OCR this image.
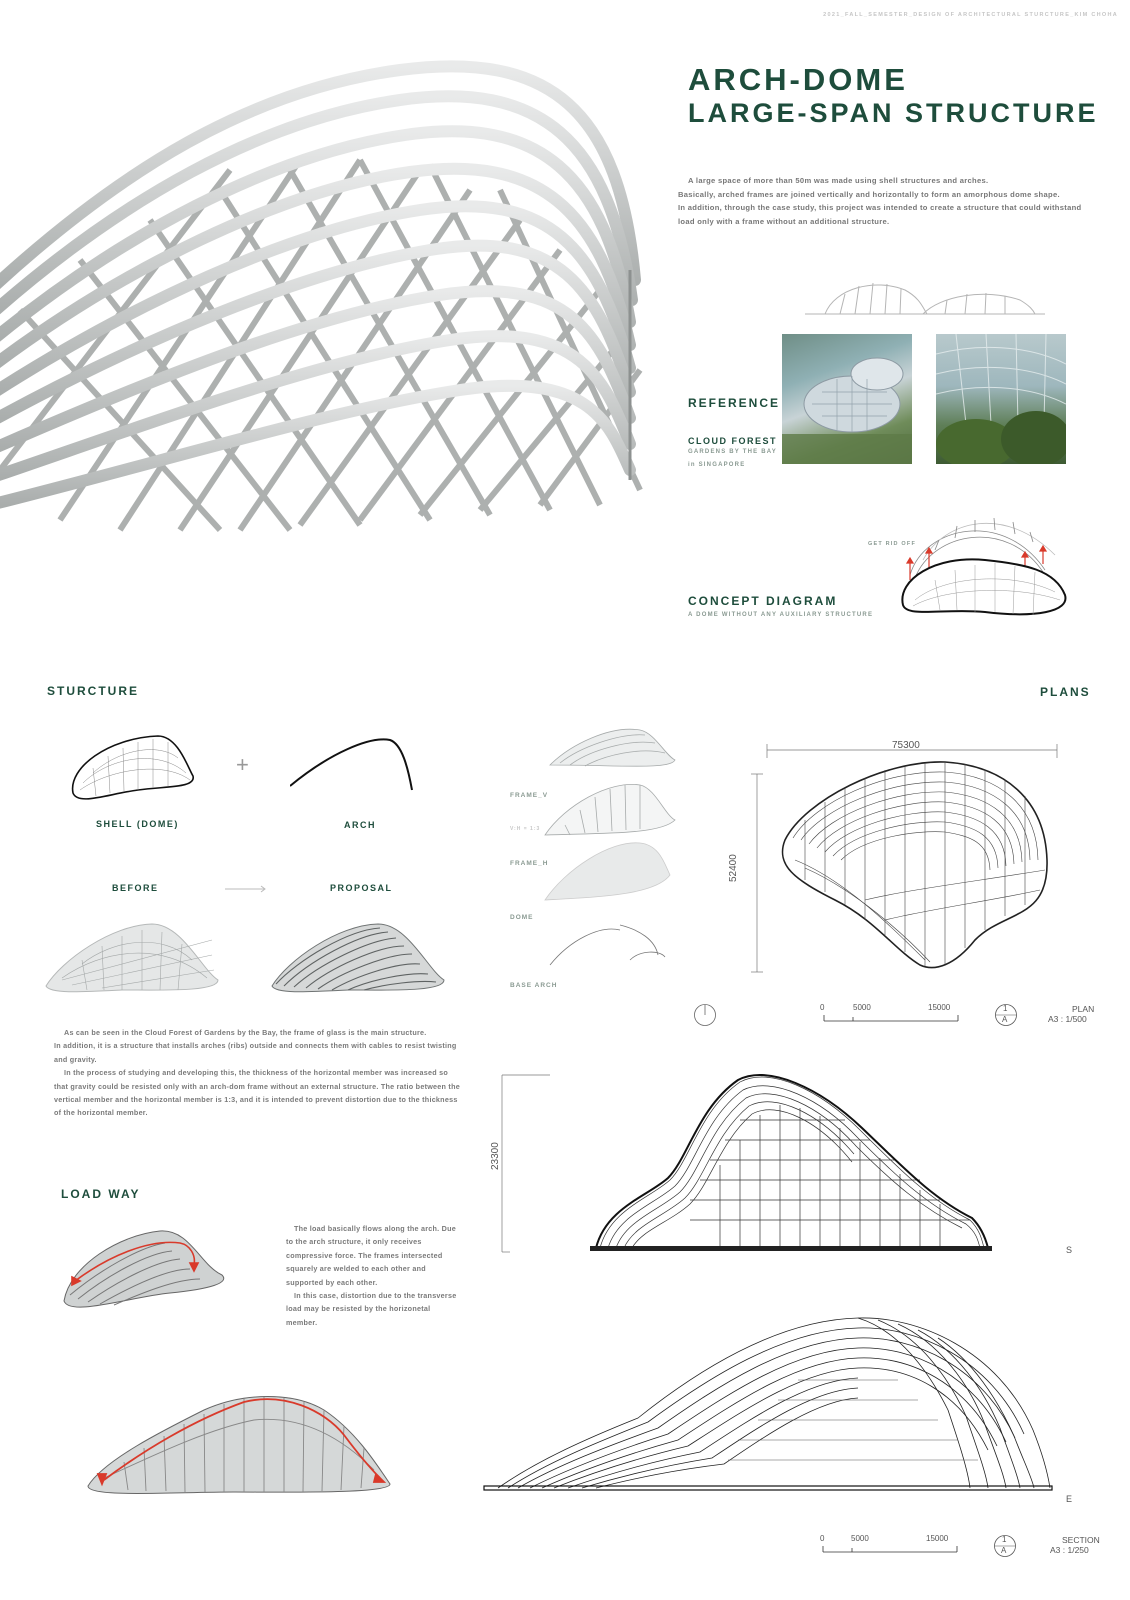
2021_FALL_SEMESTER_DESIGN OF ARCHITECTURAL STURCTURE_KIM CHOHA
ARCH-DOME
LARGE-SPAN STRUCTURE
A large space of more than 50m was made using shell structures and arches.
Basically, arched frames are joined vertically and horizontally to form an amorphous dome shape.
In addition, through the case study, this project was intended to create a structure that could withstand
load only with a frame without an additional structure.
REFERENCE
CLOUD FOREST
GARDENS BY THE BAY
in SINGAPORE
GET RID OFF
CONCEPT DIAGRAM
A DOME WITHOUT ANY AUXILIARY STRUCTURE
STURCTURE
+
SHELL (DOME)	ARCH
BEFORE	PROPOSAL
As can be seen in the Cloud Forest of Gardens by the Bay, the frame of glass is the main structure.
In addition, it is a structure that installs arches (ribs) outside and connects them with cables to resist twisting and gravity.
In the process of studying and developing this, the thickness of the horizontal member was increased so that gravity could be resisted only with an arch-dom frame without an external structure. The ratio between the vertical member and the horizontal member is 1:3, and it is intended to prevent distortion due to the thickness of the horizontal member.
FRAME_V
V:H = 1:3
FRAME_H
DOME
BASE ARCH
PLANS
75300
52400
0	5000	15000	1
A
PLAN
A3 : 1/500
23300
S
LOAD WAY
The load basically flows along the arch. Due to the arch structure, it only receives compressive force. The frames intersected squarely are welded to each other and supported by each other.
In this case, distortion due to the transverse load may be resisted by the horizonetal member.
E
0	5000	15000	1
A
SECTION
A3 : 1/250
